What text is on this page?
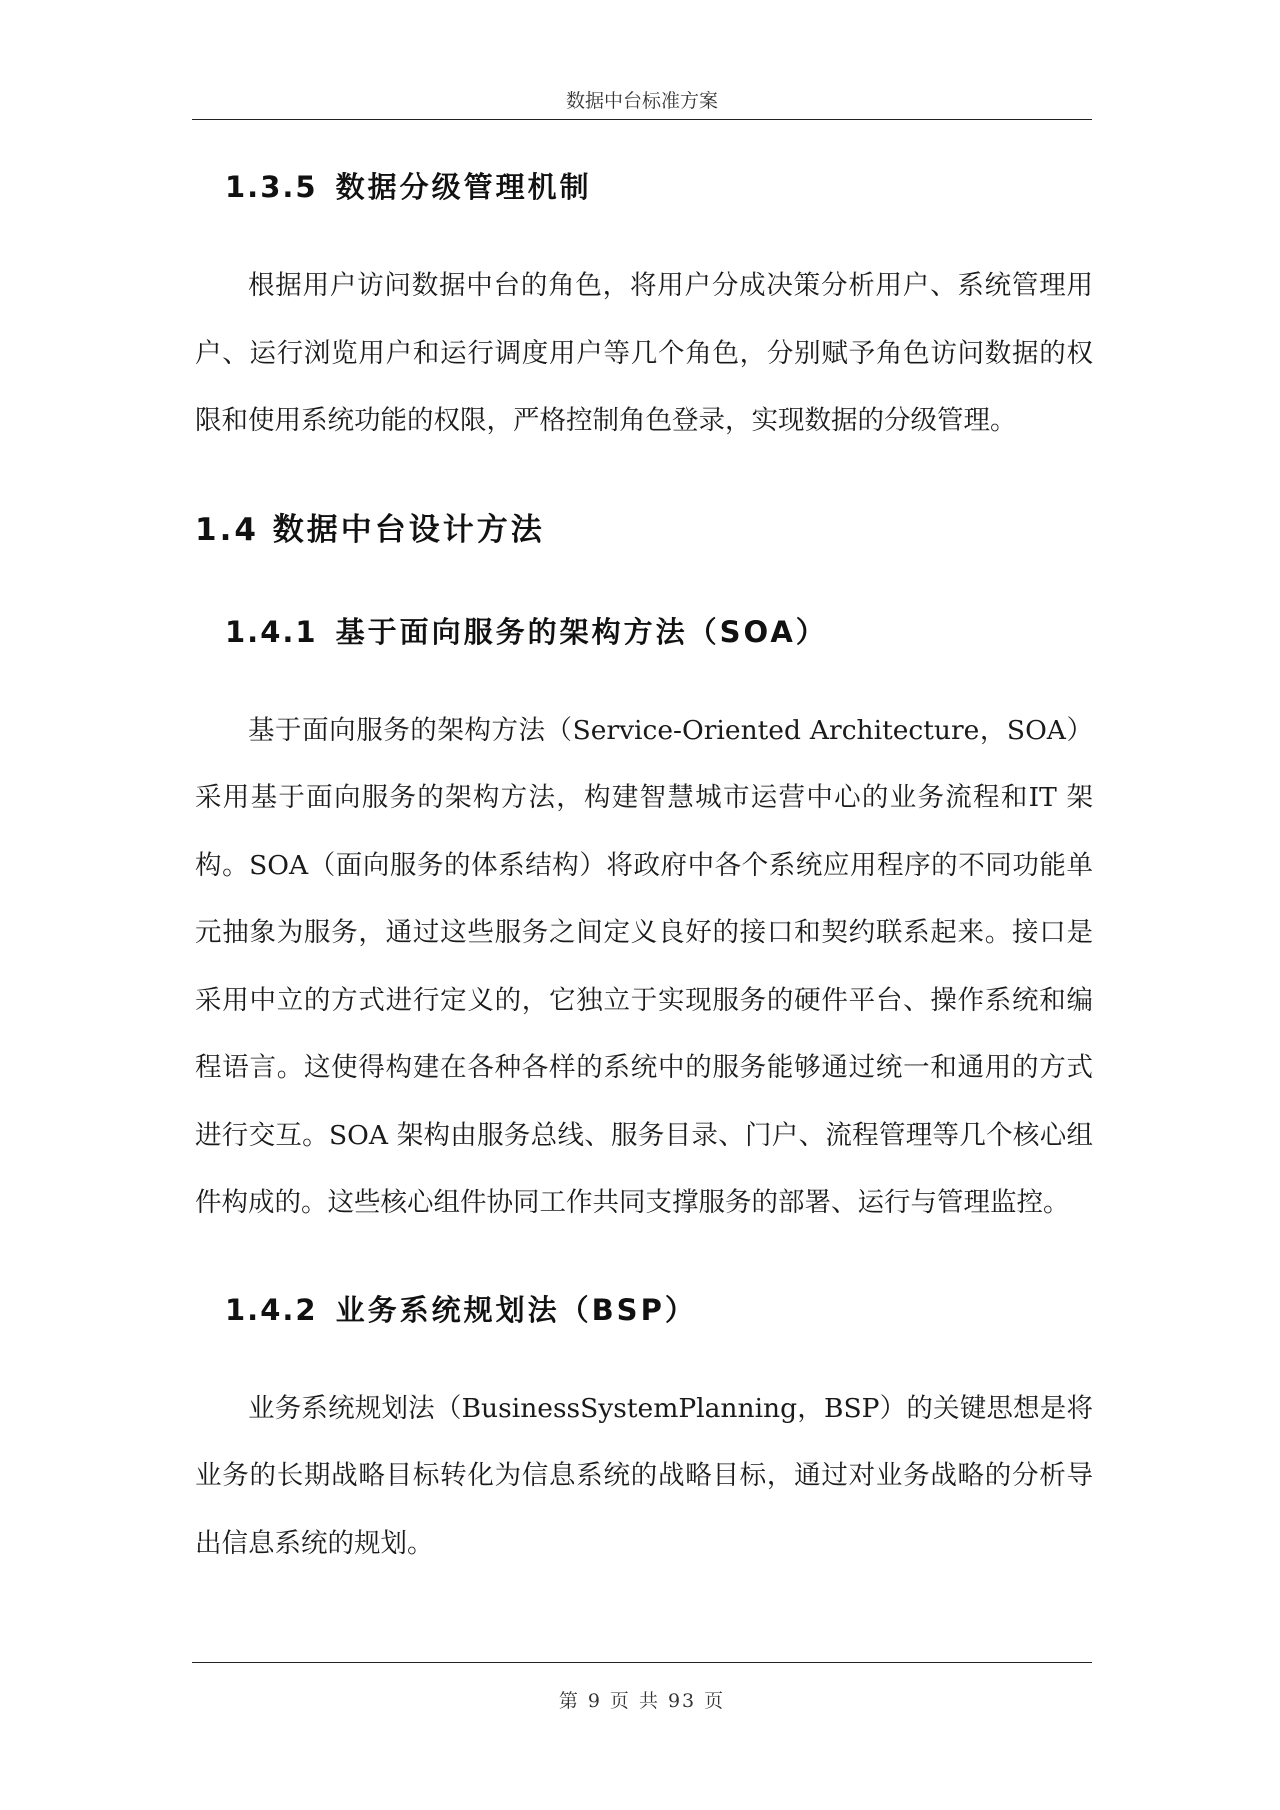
数据中台标准方案
1.3.5 数据分级管理机制

根据用户访问数据中台的角色，将用户分成决策分析用户、系统管理用户、运行浏览用户和运行调度用户等几个角色，分别赋予角色访问数据的权限和使用系统功能的权限，严格控制角色登录，实现数据的分级管理。

1.4 数据中台设计方法
1.4.1 基于面向服务的架构方法（SOA）

基于面向服务的架构方法（Service-Oriented Architecture，SOA）采用基于面向服务的架构方法，构建智慧城市运营中心的业务流程和IT 架构。SOA（面向服务的体系结构）将政府中各个系统应用程序的不同功能单元抽象为服务，通过这些服务之间定义良好的接口和契约联系起来。接口是采用中立的方式进行定义的，它独立于实现服务的硬件平台、操作系统和编程语言。这使得构建在各种各样的系统中的服务能够通过统一和通用的方式进行交互。SOA 架构由服务总线、服务目录、门户、流程管理等几个核心组件构成的。这些核心组件协同工作共同支撑服务的部署、运行与管理监控。

1.4.2 业务系统规划法（BSP）

业务系统规划法（BusinessSystemPlanning，BSP）的关键思想是将业务的长期战略目标转化为信息系统的战略目标，通过对业务战略的分析导出信息系统的规划。

第 9 页 共 93 页
